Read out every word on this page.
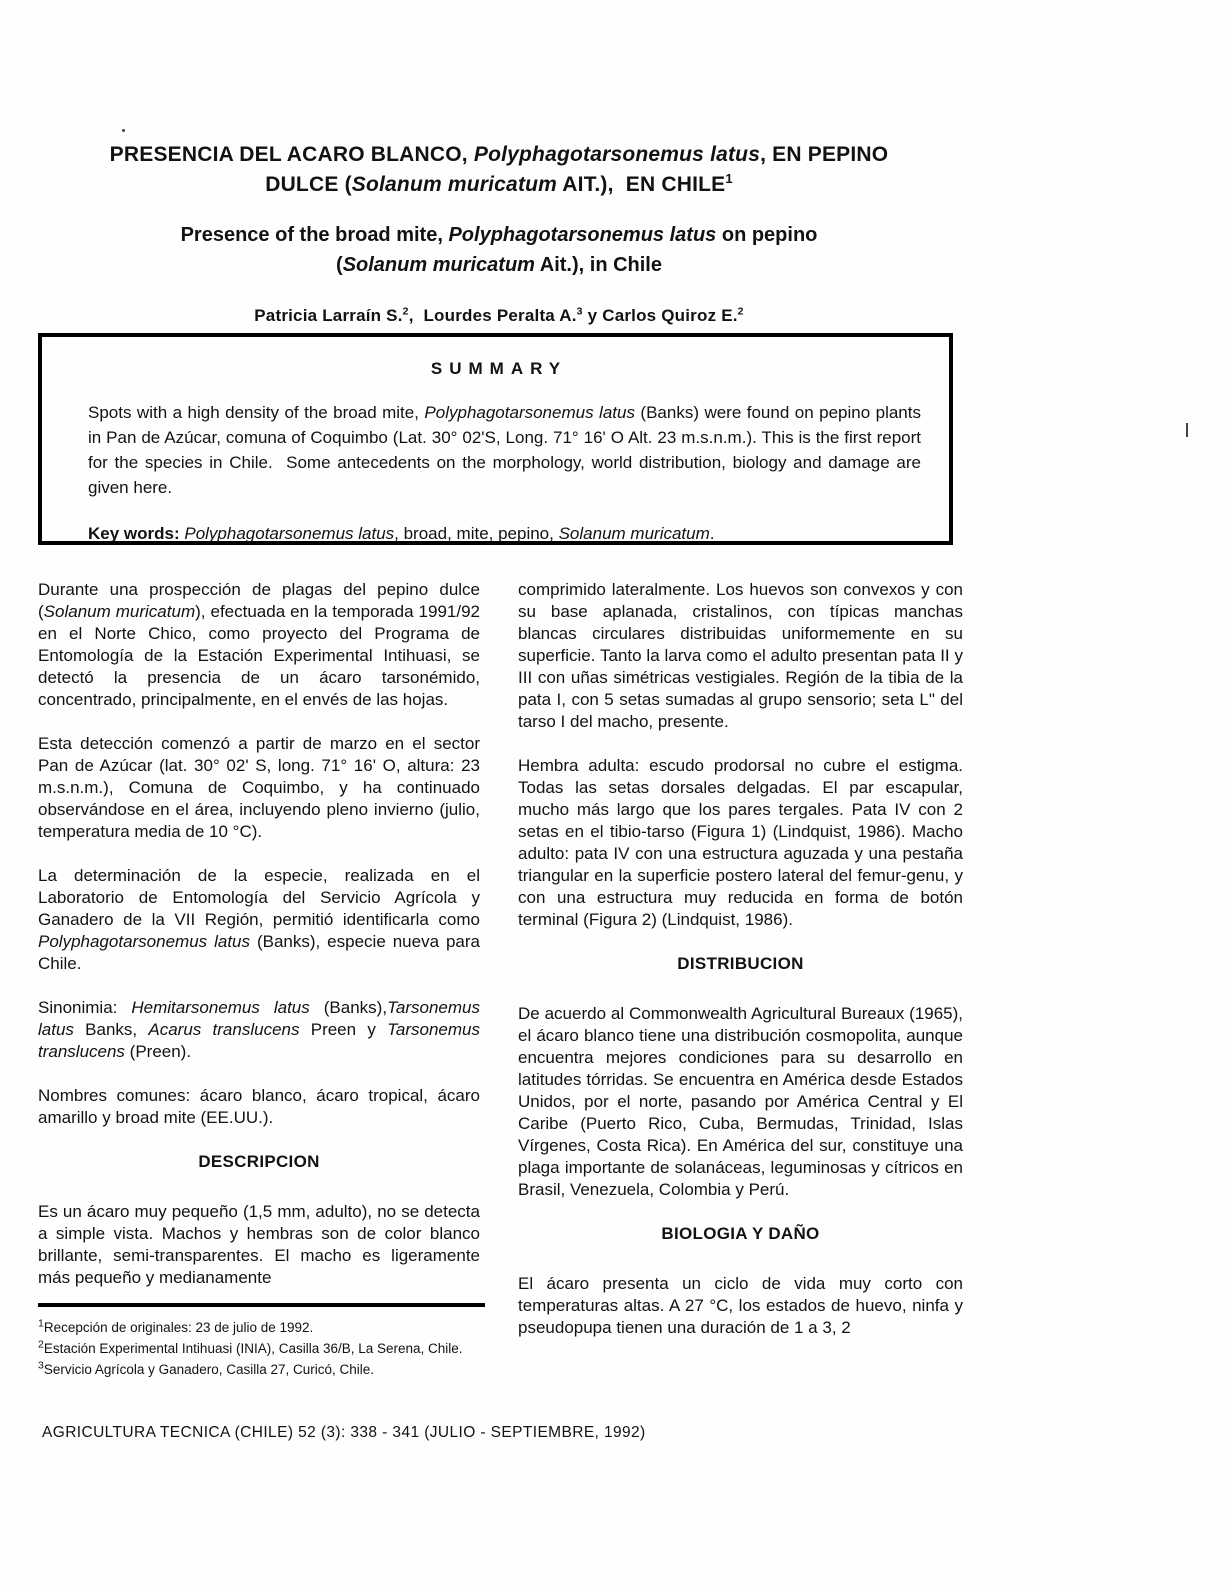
PRESENCIA DEL ACARO BLANCO, Polyphagotarsonemus latus, EN PEPINO
DULCE (Solanum muricatum AIT.),  EN CHILE$^1$
Presence of the broad mite, Polyphagotarsonemus latus on pepino
(Solanum muricatum Ait.), in Chile
Patricia Larraín S.$^2$,  Lourdes Peralta A.$^3$ y Carlos Quiroz E.$^2$
SUMMARY

Spots with a high density of the broad mite, Polyphagotarsonemus latus (Banks) were found on pepino plants in Pan de Azúcar, comuna of Coquimbo (Lat. 30° 02'S, Long. 71° 16' O Alt. 23 m.s.n.m.). This is the first report for the species in Chile.  Some antecedents on the morphology, world distribution, biology and damage are given here.

Key words: Polyphagotarsonemus latus, broad, mite, pepino, Solanum muricatum.

Durante una prospección de plagas del pepino dulce (Solanum muricatum), efectuada en la temporada 1991/92 en el Norte Chico, como proyecto del Programa de Entomología de la Estación Experimental Intihuasi, se detectó la presencia de un ácaro tarsonémido, concentrado, principalmente, en el envés de las hojas.

Esta detección comenzó a partir de marzo en el sector Pan de Azúcar (lat. 30° 02' S, long. 71° 16' O, altura: 23 m.s.n.m.), Comuna de Coquimbo, y ha continuado observándose en el área, incluyendo pleno invierno (julio, temperatura media de 10 °C).

La determinación de la especie, realizada en el Laboratorio de Entomología del Servicio Agrícola y Ganadero de la VII Región, permitió identificarla como Polyphagotarsonemus latus (Banks), especie nueva para Chile.

Sinonimia: Hemitarsonemus latus (Banks),Tarsonemus latus Banks, Acarus translucens Preen y Tarsonemus translucens (Preen).

Nombres comunes: ácaro blanco, ácaro tropical, ácaro amarillo y broad mite (EE.UU.).

DESCRIPCION

Es un ácaro muy pequeño (1,5 mm, adulto), no se detecta a simple vista. Machos y hembras son de color blanco brillante, semi-transparentes. El macho es ligeramente más pequeño y medianamente

comprimido lateralmente. Los huevos son convexos y con su base aplanada, cristalinos, con típicas manchas blancas circulares distribuidas uniformemente en su superficie. Tanto la larva como el adulto presentan pata II y III con uñas simétricas vestigiales. Región de la tibia de la pata I, con 5 setas sumadas al grupo sensorio; seta L" del tarso I del macho, presente.

Hembra adulta: escudo prodorsal no cubre el estigma. Todas las setas dorsales delgadas. El par escapular, mucho más largo que los pares tergales. Pata IV con 2 setas en el tibio-tarso (Figura 1) (Lindquist, 1986). Macho adulto: pata IV con una estructura aguzada y una pestaña triangular en la superficie postero lateral del femur-genu, y con una estructura muy reducida en forma de botón terminal (Figura 2) (Lindquist, 1986).

DISTRIBUCION

De acuerdo al Commonwealth Agricultural Bureaux (1965), el ácaro blanco tiene una distribución cosmopolita, aunque encuentra mejores condiciones para su desarrollo en latitudes tórridas. Se encuentra en América desde Estados Unidos, por el norte, pasando por América Central y El Caribe (Puerto Rico, Cuba, Bermudas, Trinidad, Islas Vírgenes, Costa Rica). En América del sur, constituye una plaga importante de solanáceas, leguminosas y cítricos en Brasil, Venezuela, Colombia y Perú.

BIOLOGIA Y DAÑO

El ácaro presenta un ciclo de vida muy corto con temperaturas altas. A 27 °C, los estados de huevo, ninfa y pseudopupa tienen una duración de 1 a 3, 2

$^1$Recepción de originales: 23 de julio de 1992.

$^2$Estación Experimental Intihuasi (INIA), Casilla 36/B, La Serena, Chile.

$^3$Servicio Agrícola y Ganadero, Casilla 27, Curicó, Chile.

AGRICULTURA TECNICA (CHILE) 52 (3): 338 - 341 (JULIO - SEPTIEMBRE, 1992)
